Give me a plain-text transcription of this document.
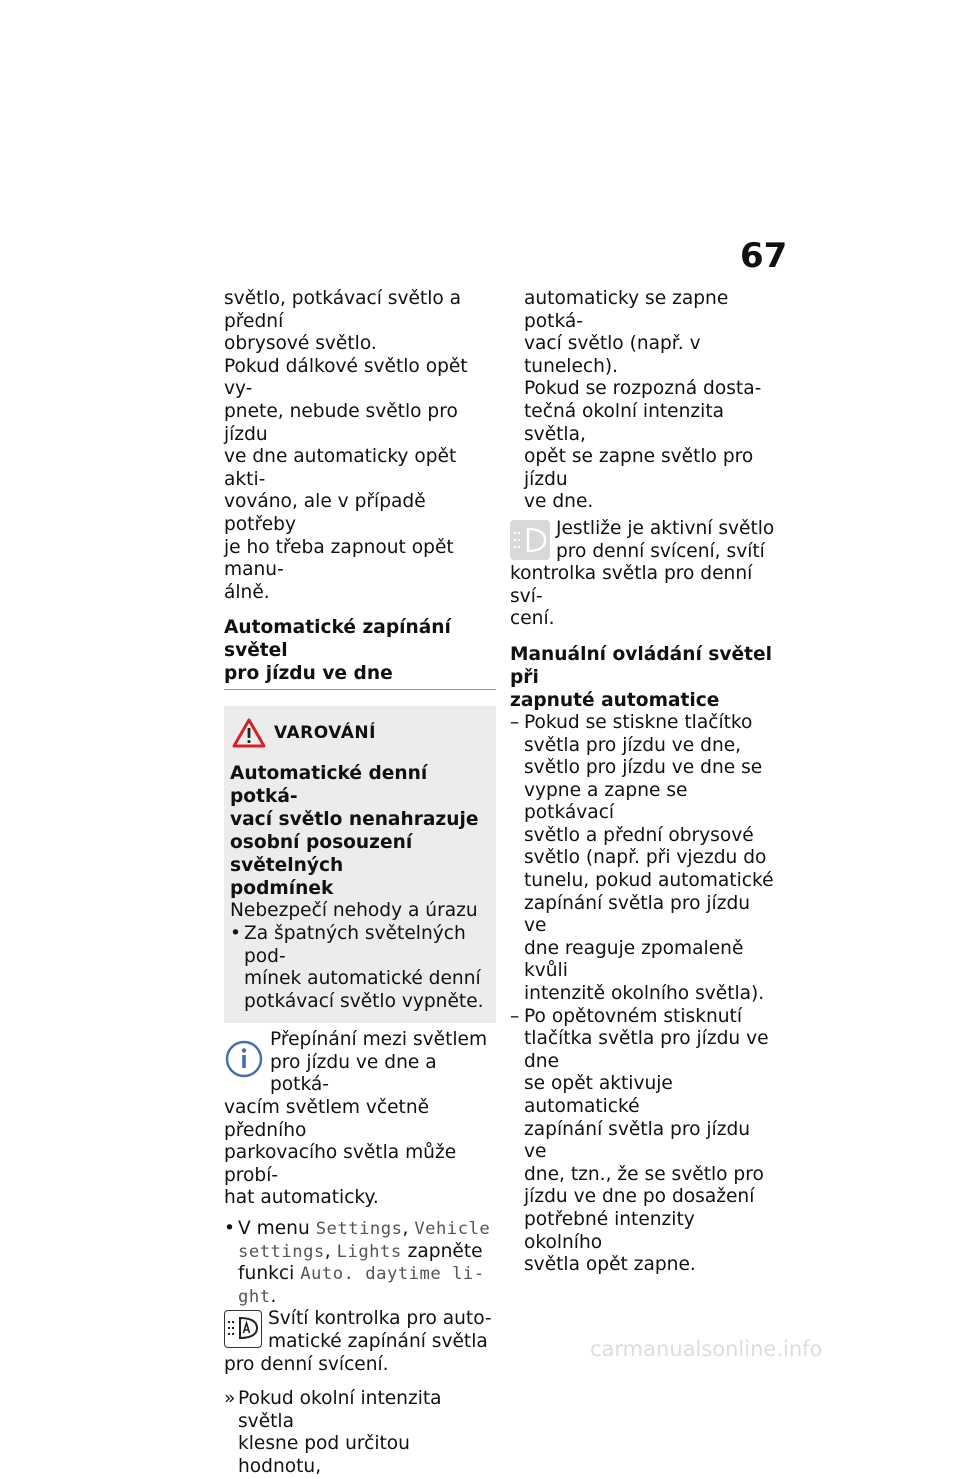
67

světlo, potkávací světlo a přední
obrysové světlo.

Pokud dálkové světlo opět vy-
pnete, nebude světlo pro jízdu
ve dne automaticky opět akti-
vováno, ale v případě potřeby
je ho třeba zapnout opět manu-
álně.

Automatické zapínání světel
pro jízdu ve dne

VAROVÁNÍ

Automatické denní potká-
vací světlo nenahrazuje
osobní posouzení světelných
podmínek

Nebezpečí nehody a úrazu

• Za špatných světelných pod-
mínek automatické denní
potkávací světlo vypněte.

Přepínání mezi světlem
pro jízdu ve dne a potká-
vacím světlem včetně předního
parkovacího světla může probí-
hat automaticky.

• V menu Settings, Vehicle
settings, Lights zapněte
funkci Auto. daytime li-
ght.

Svítí kontrolka pro auto-
matické zapínání světla
pro denní svícení.

» Pokud okolní intenzita světla
klesne pod určitou hodnotu,

automaticky se zapne potká-
vací světlo (např. v tunelech).
Pokud se rozpozná dosta-
tečná okolní intenzita světla,
opět se zapne světlo pro jízdu
ve dne.

Jestliže je aktivní světlo
pro denní svícení, svítí
kontrolka světla pro denní sví-
cení.

Manuální ovládání světel při
zapnuté automatice

– Pokud se stiskne tlačítko
světla pro jízdu ve dne,
světlo pro jízdu ve dne se
vypne a zapne se potkávací
světlo a přední obrysové
světlo (např. při vjezdu do
tunelu, pokud automatické
zapínání světla pro jízdu ve
dne reaguje zpomaleně kvůli
intenzitě okolního světla).
– Po opětovném stisknutí
tlačítka světla pro jízdu ve dne
se opět aktivuje automatické
zapínání světla pro jízdu ve
dne, tzn., že se světlo pro
jízdu ve dne po dosažení
potřebné intenzity okolního
světla opět zapne.
carmanualsonline.info
